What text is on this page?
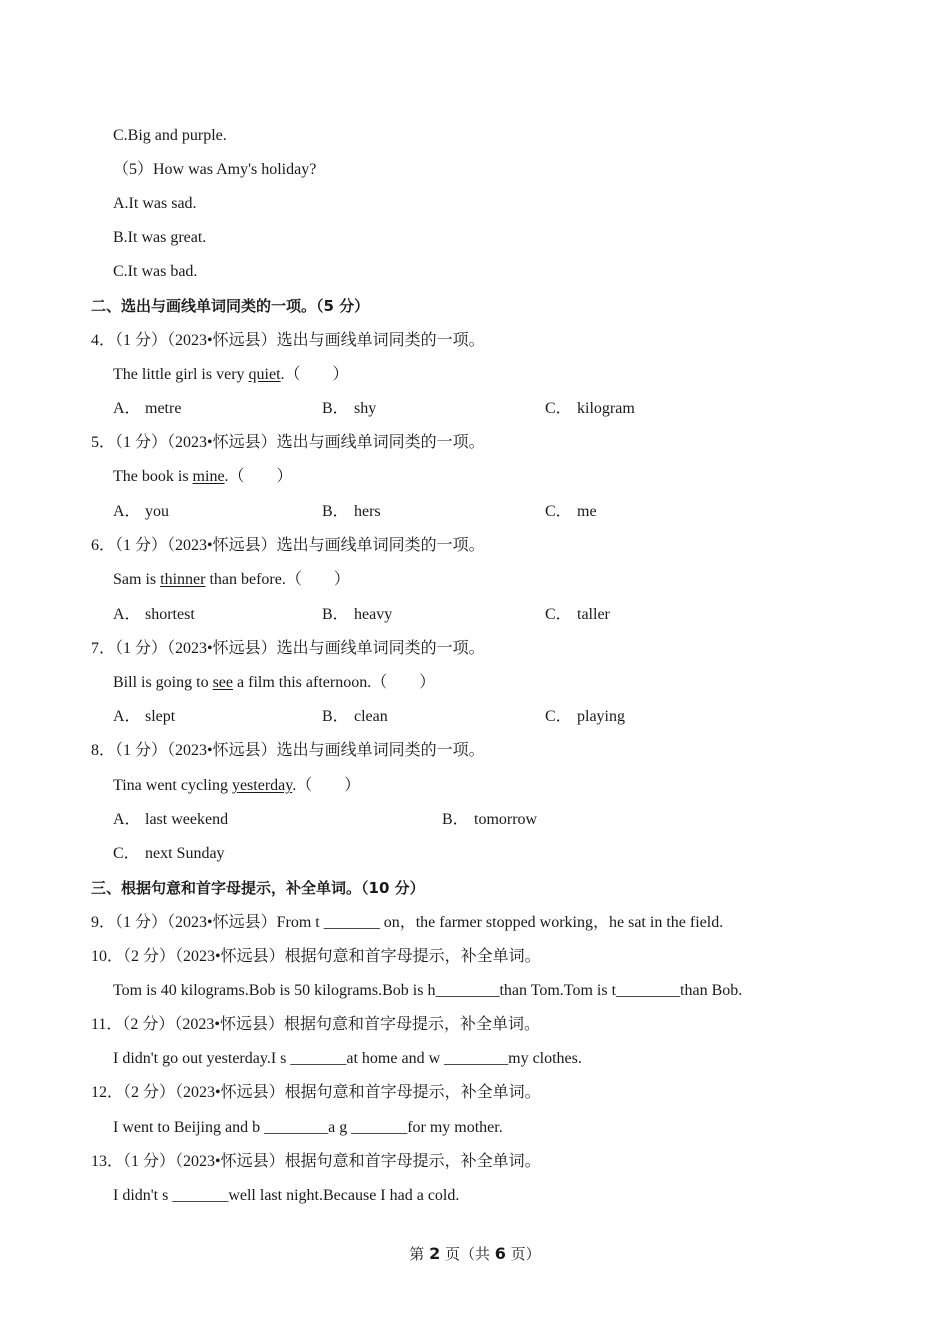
C.Big and purple.
（5）How was Amy's holiday?
A.It was sad.
B.It was great.
C.It was bad.
二、选出与画线单词同类的一项。（5 分）
4．（1 分）（2023•怀远县）选出与画线单词同类的一项。
The little girl is very quiet.（　　）
A． metre	B． shy	C． kilogram
5．（1 分）（2023•怀远县）选出与画线单词同类的一项。
The book is mine.（　　）
A． you	B． hers	C． me
6．（1 分）（2023•怀远县）选出与画线单词同类的一项。
Sam is thinner than before.（　　）
A． shortest	B． heavy	C． taller
7．（1 分）（2023•怀远县）选出与画线单词同类的一项。
Bill is going to see a film this afternoon.（　　）
A． slept	B． clean	C． playing
8．（1 分）（2023•怀远县）选出与画线单词同类的一项。
Tina went cycling yesterday.（　　）
A． last weekend	B． tomorrow
C． next Sunday
三、根据句意和首字母提示，补全单词。（10 分）
9．（1 分）（2023•怀远县）From t _______ on，the farmer stopped working，he sat in the field.
10．（2 分）（2023•怀远县）根据句意和首字母提示，补全单词。
Tom is 40 kilograms.Bob is 50 kilograms.Bob is h________than Tom.Tom is t________than Bob.
11．（2 分）（2023•怀远县）根据句意和首字母提示，补全单词。
I didn't go out yesterday.I s _______at home and w ________my clothes.
12．（2 分）（2023•怀远县）根据句意和首字母提示，补全单词。
I went to Beijing and b ________a g _______for my mother.
13．（1 分）（2023•怀远县）根据句意和首字母提示，补全单词。
I didn't s _______well last night.Because I had a cold.
第 2 页（共 6 页）
